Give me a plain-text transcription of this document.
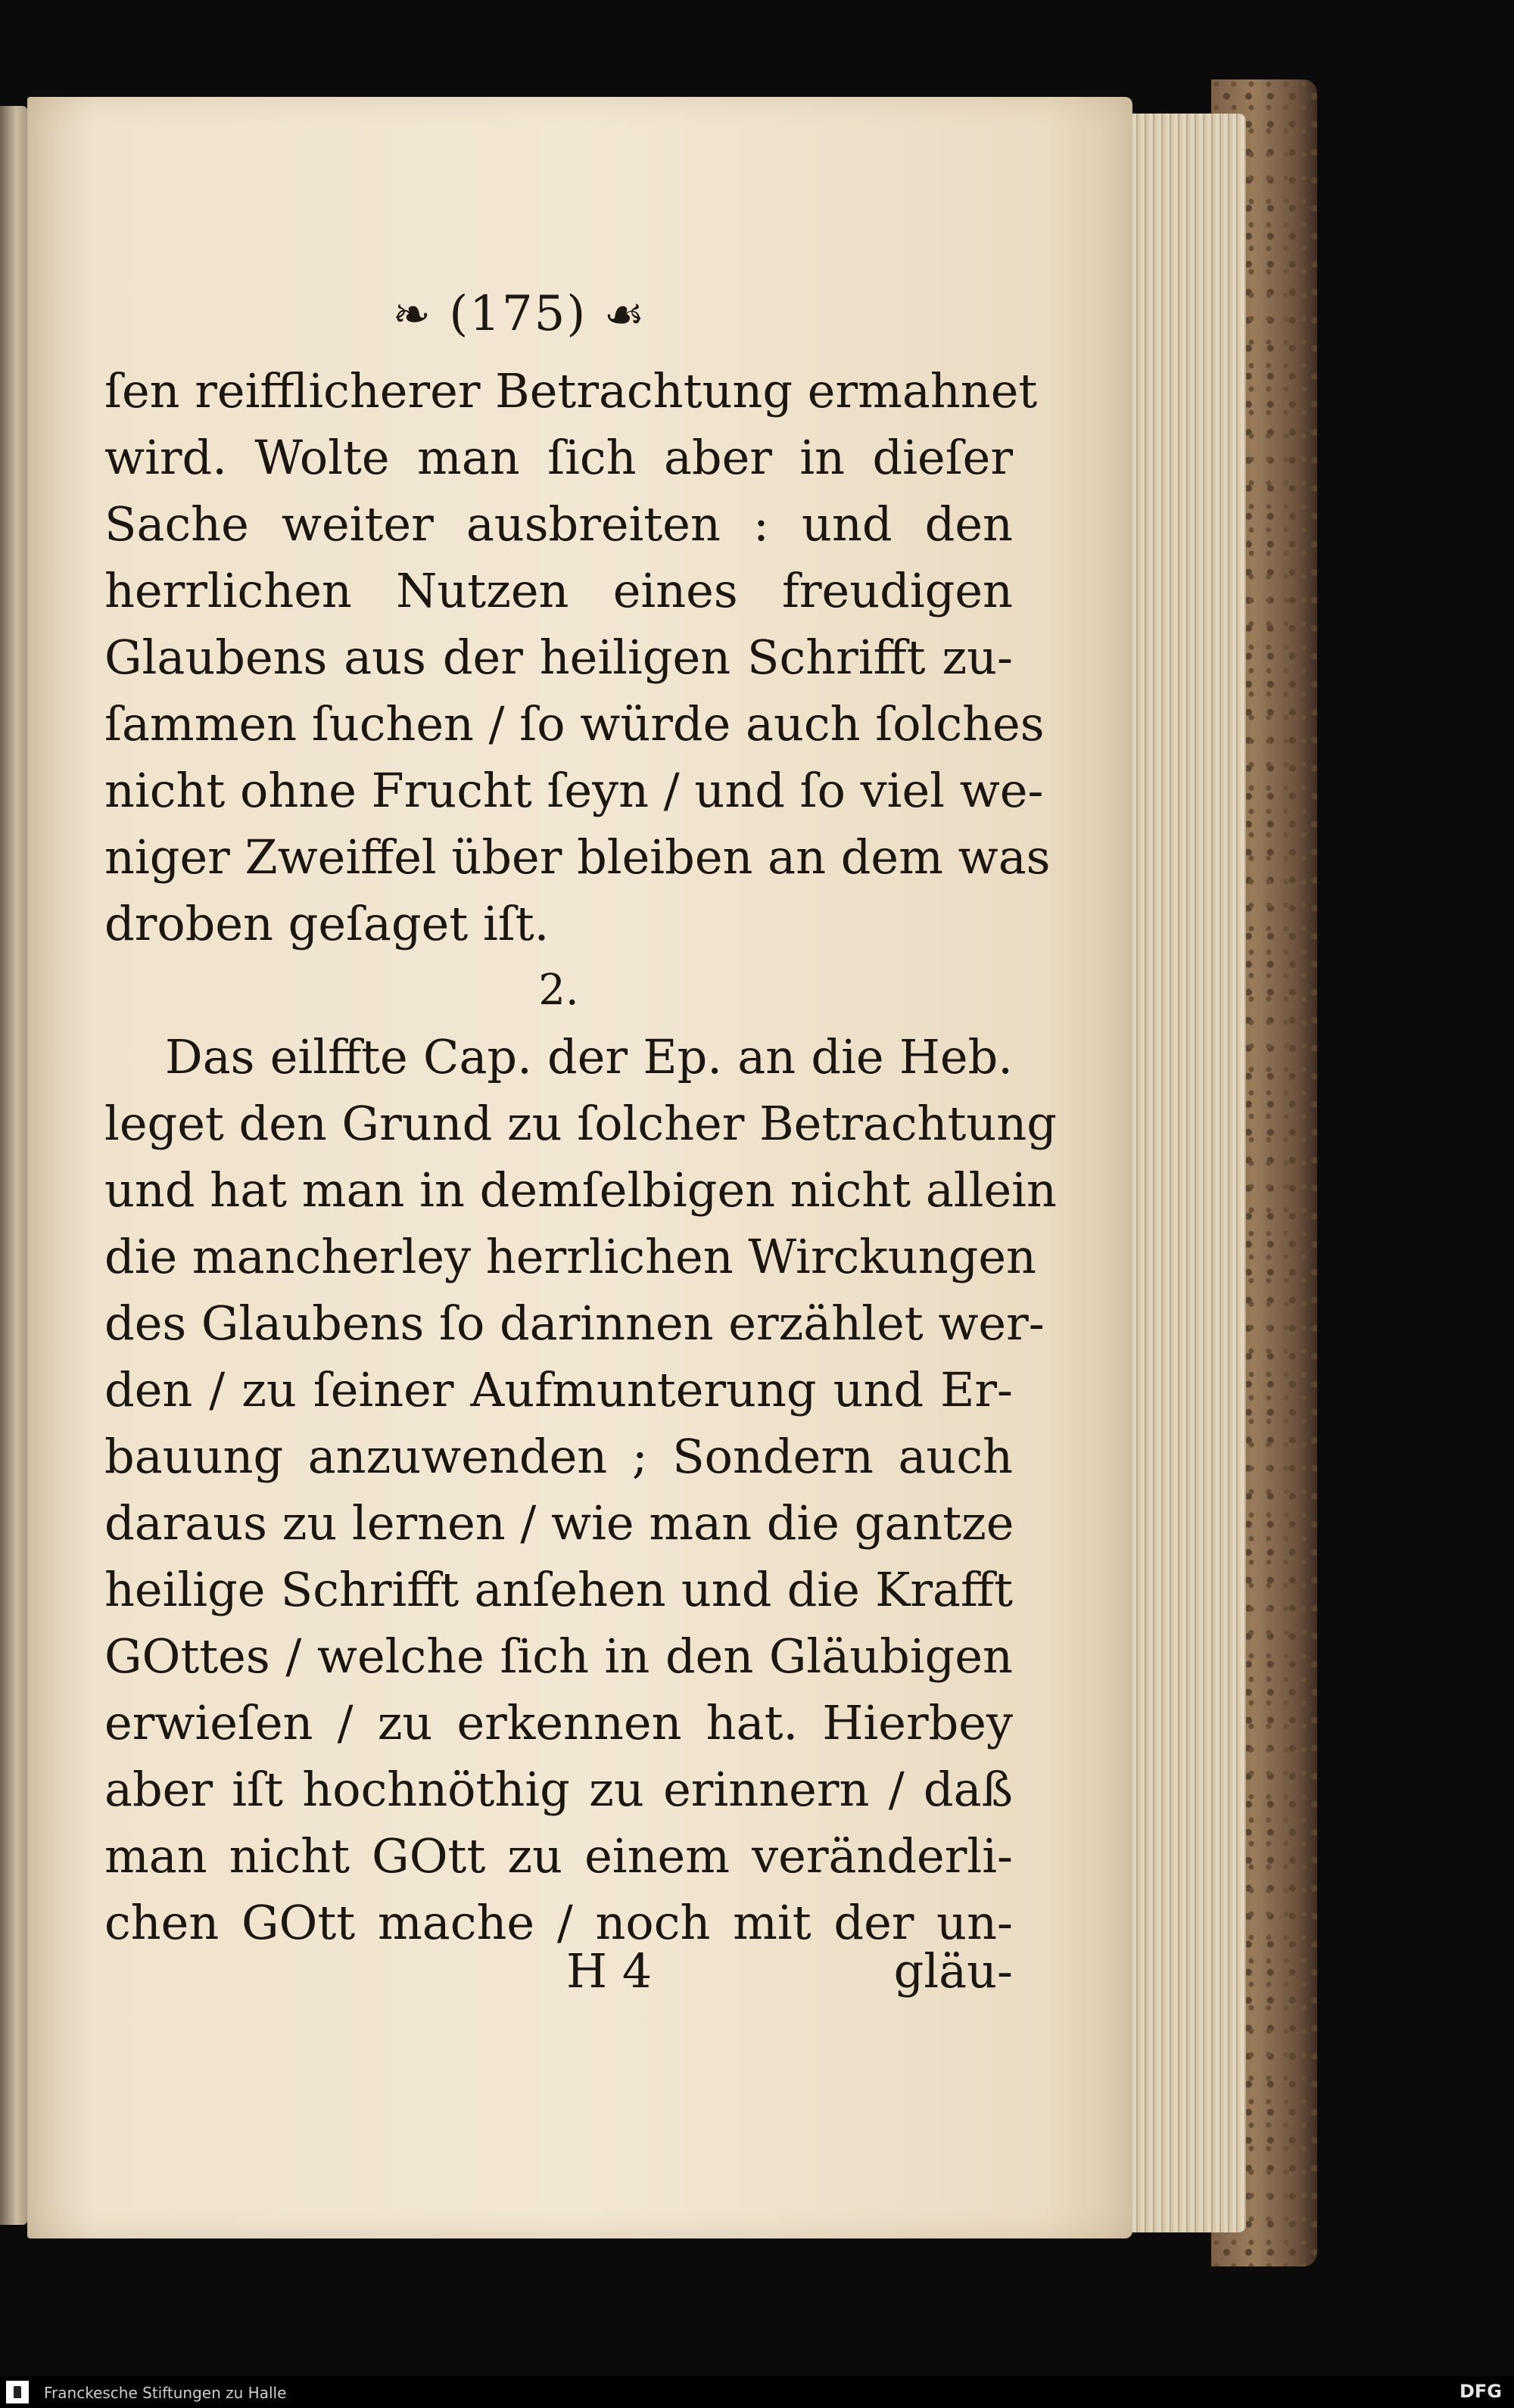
❧ (175) ☙
ſen reifflicherer Betrachtung ermahnet
wird. Wolte man ſich aber in dieſer
Sache weiter ausbreiten : und den
herrlichen Nutzen eines freudigen
Glaubens aus der heiligen Schrifft zu-
ſammen ſuchen / ſo würde auch ſolches
nicht ohne Frucht ſeyn / und ſo viel we-
niger Zweiffel über bleiben an dem was
droben geſaget iſt.
2.
Das eilffte Cap. der Ep. an die Heb.
leget den Grund zu ſolcher Betrachtung
und hat man in demſelbigen nicht allein
die mancherley herrlichen Wirckungen
des Glaubens ſo darinnen erzählet wer-
den / zu ſeiner Aufmunterung und Er-
bauung anzuwenden ; Sondern auch
daraus zu lernen / wie man die gantze
heilige Schrifft anſehen und die Krafft
GOttes / welche ſich in den Gläubigen
erwieſen / zu erkennen hat. Hierbey
aber iſt hochnöthig zu erinnern / daß
man nicht GOtt zu einem veränderli-
chen GOtt mache / noch mit der un-
H 4	gläu-
Franckesche Stiftungen zu Halle	DFG
